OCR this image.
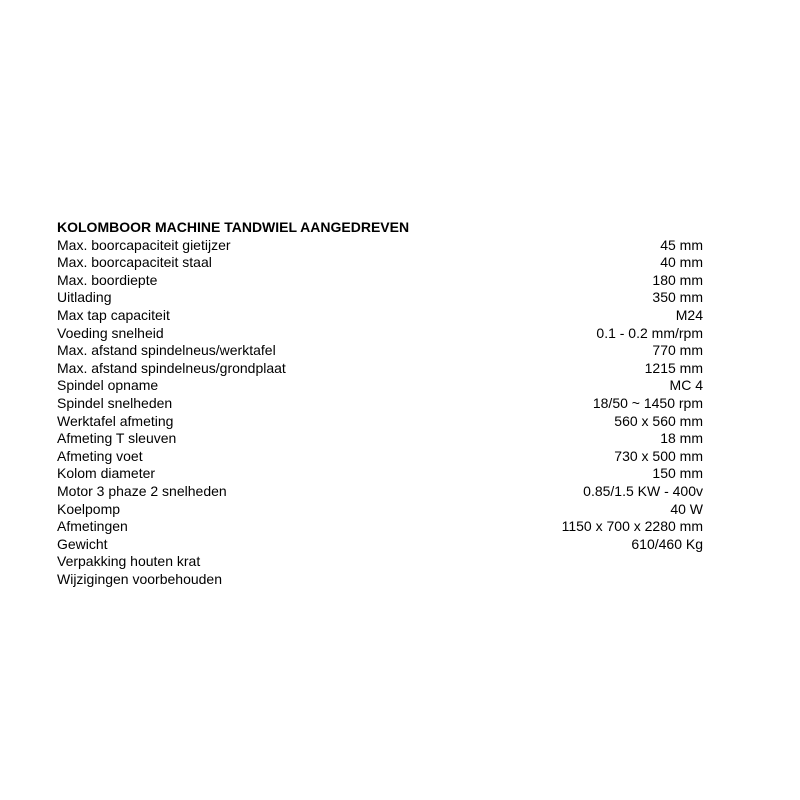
KOLOMBOOR MACHINE TANDWIEL AANGEDREVEN
Max. boorcapaciteit gietijzer	45 mm
Max. boorcapaciteit staal	40 mm
Max. boordiepte	180 mm
Uitlading	350 mm
Max tap capaciteit	M24
Voeding snelheid	0.1 - 0.2 mm/rpm
Max. afstand spindelneus/werktafel	770 mm
Max. afstand spindelneus/grondplaat	1215 mm
Spindel opname	MC 4
Spindel snelheden	18/50 ~ 1450 rpm
Werktafel afmeting	560 x 560 mm
Afmeting T sleuven	18 mm
Afmeting voet	730 x 500 mm
Kolom diameter	150 mm
Motor 3 phaze 2 snelheden	0.85/1.5 KW - 400v
Koelpomp	40 W
Afmetingen	1150 x 700 x 2280 mm
Gewicht	610/460 Kg
Verpakking houten krat
Wijzigingen voorbehouden
